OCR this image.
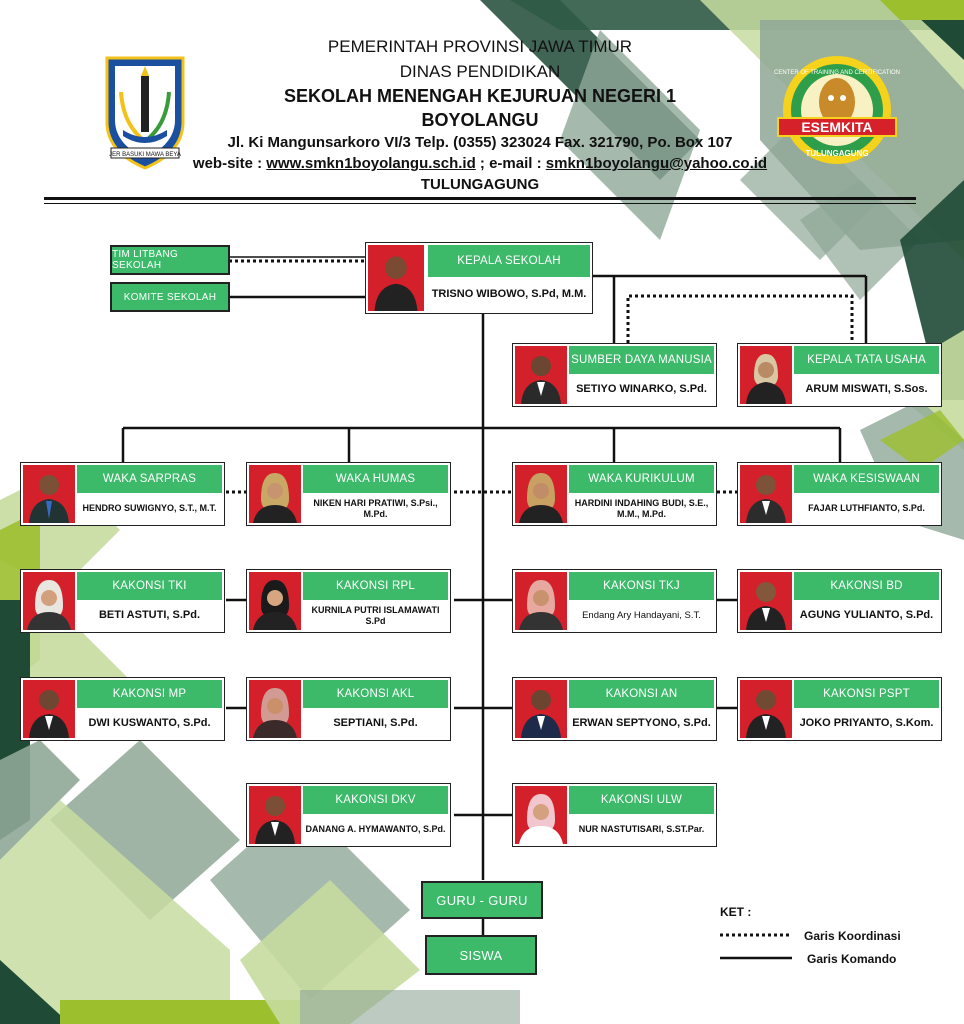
PEMERINTAH PROVINSI JAWA TIMUR
DINAS PENDIDIKAN
SEKOLAH MENENGAH KEJURUAN NEGERI 1
BOYOLANGU
Jl. Ki Mangunsarkoro VI/3 Telp. (0355) 323024 Fax. 321790, Po. Box 107
web-site : www.smkn1boyolangu.sch.id ; e-mail : smkn1boyolangu@yahoo.co.id
TULUNGAGUNG
JER BASUKI MAWA BEYA
CENTER OF TRAINING AND CERTIFICATION
ESEMKITA
TULUNGAGUNG
TIM LITBANG SEKOLAH
KOMITE SEKOLAH
KEPALA SEKOLAH
TRISNO WIBOWO, S.Pd, M.M.
SUMBER DAYA MANUSIA
SETIYO WINARKO, S.Pd.
KEPALA TATA USAHA
ARUM MISWATI, S.Sos.
WAKA SARPRAS
HENDRO SUWIGNYO, S.T., M.T.
WAKA HUMAS
NIKEN HARI PRATIWI, S.Psi., M.Pd.
WAKA KURIKULUM
HARDINI INDAHING BUDI, S.E., M.M., M.Pd.
WAKA KESISWAAN
FAJAR LUTHFIANTO, S.Pd.
KAKONSI TKI
BETI ASTUTI, S.Pd.
KAKONSI RPL
KURNILA PUTRI ISLAMAWATI S.Pd
KAKONSI TKJ
Endang Ary Handayani, S.T.
KAKONSI BD
AGUNG YULIANTO, S.Pd.
KAKONSI MP
DWI KUSWANTO, S.Pd.
KAKONSI AKL
SEPTIANI, S.Pd.
KAKONSI AN
ERWAN SEPTYONO, S.Pd.
KAKONSI PSPT
JOKO PRIYANTO, S.Kom.
KAKONSI DKV
DANANG A. HYMAWANTO, S.Pd.
KAKONSI ULW
NUR NASTUTISARI, S.ST.Par.
GURU - GURU
SISWA
KET :
Garis Koordinasi
Garis Komando
